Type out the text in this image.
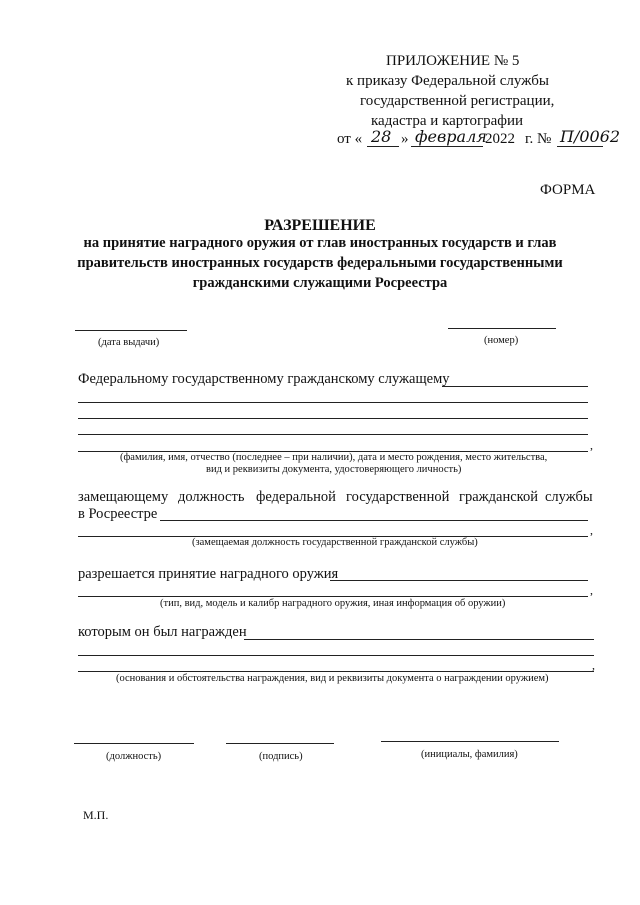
ПРИЛОЖЕНИЕ № 5
к приказу Федеральной службы
государственной регистрации,
кадастра и картографии
от « 28 » февраля
2022 г. № П/0062
ФОРМА
РАЗРЕШЕНИЕ
на принятие наградного оружия от глав иностранных государств и глав правительств иностранных государств федеральными государственными гражданскими служащими Росреестра
(дата выдачи)	(номер)
Федеральному государственному гражданскому служащему
,
(фамилия, имя, отчество (последнее – при наличии), дата и место рождения, место жительства,
вид и реквизиты документа, удостоверяющего личность)
замещающему должность федеральной государственной гражданской службы
в Росреестре
,
(замещаемая должность государственной гражданской службы)
разрешается принятие наградного оружия
,
(тип, вид, модель и калибр наградного оружия, иная информация об оружии)
которым он был награжден
,
(основания и обстоятельства награждения, вид и реквизиты документа о награждении оружием)
(должность)	(подпись)	(инициалы, фамилия)
М.П.
